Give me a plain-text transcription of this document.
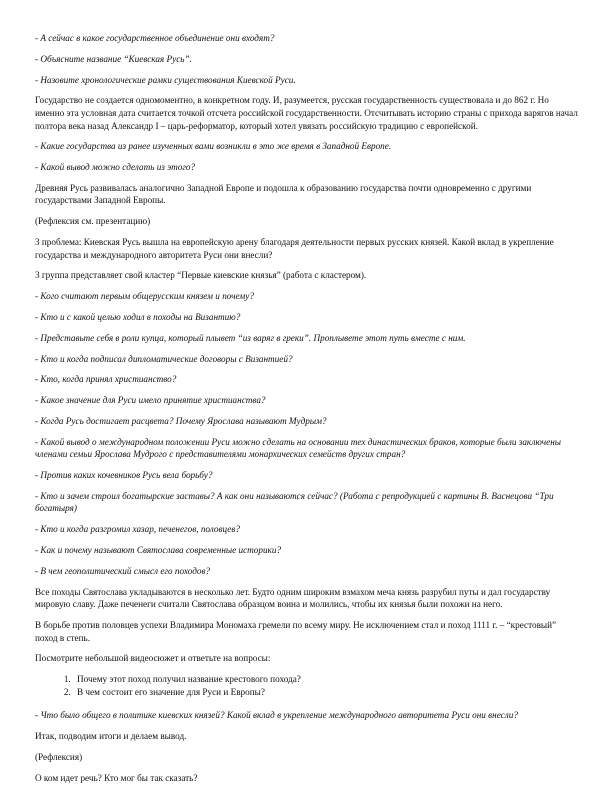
- А сейчас в какое государственное объединение они входят?

- Объясните название “Киевская Русь”.

- Назовите хронологические рамки существования Киевской Руси.

Государство не создается одномоментно, в конкретном году. И, разумеется, русская государственность существовала и до 862 г. Но именно эта условная дата считается точкой отсчета российской государственности. Отсчитывать историю страны с прихода варягов начал полтора века назад Александр I – царь-реформатор, который хотел увязать российскую традицию с европейской.

- Какие государства из ранее изученных вами возникли в это же время в Западной Европе.

- Какой вывод можно сделать из этого?

Древняя Русь развивалась аналогично Западной Европе и подошла к образованию государства почти одновременно с другими государствами Западной Европы.

(Рефлексия см. презентацию)

3 проблема: Киевская Русь вышла на европейскую арену благодаря деятельности первых русских князей. Какой вклад в укрепление государства и международного авторитета Руси они внесли?

3 группа представляет свой кластер “Первые киевские князья” (работа с кластером).

- Кого считают первым общерусским князем и почему?

- Кто и с какой целью ходил в походы на Византию?

- Представьте себя в роли купца, который плывет “из варяг в греки”. Проплывете этот путь вместе с ним.

- Кто и когда подписал дипломатические договоры с Византией?

- Кто, когда принял христианство?

- Какое значение для Руси имело принятие христианства?

- Когда Русь достигает расцвета? Почему Ярослава называют Мудрым?

- Какой вывод о международном положении Руси можно сделать на основании тех династических браков, которые были заключены членами семьи Ярослава Мудрого с представителями монархических семейств других стран?

- Против каких кочевников Русь вела борьбу?

- Кто и зачем строил богатырские заставы? А как они называются сейчас? (Работа с репродукцией с картины В. Васнецова “Три богатыря)

- Кто и когда разгромил хазар, печенегов, половцев?

- Как и почему называют Святослава современные историки?

- В чем геополитический смысл его походов?

Все походы Святослава укладываются в несколько лет. Будто одним широким взмахом меча князь разрубил путы и дал государству мировую славу. Даже печенеги считали Святослава образцом воина и молились, чтобы их князья были похожи на него.

В борьбе против половцев успехи Владимира Мономаха гремели по всему миру. Не исключением стал и поход 1111 г. – “крестовый” поход в степь.

Посмотрите небольшой видеосюжет и ответьте на вопросы:

1. Почему этот поход получил название крестового похода?
2. В чем состоит его значение для Руси и Европы?

- Что было общего в политике киевских князей? Какой вклад в укрепление международного авторитета Руси они внесли?

Итак, подводим итоги и делаем вывод.

(Рефлексия)

О ком идет речь? Кто мог бы так сказать?
